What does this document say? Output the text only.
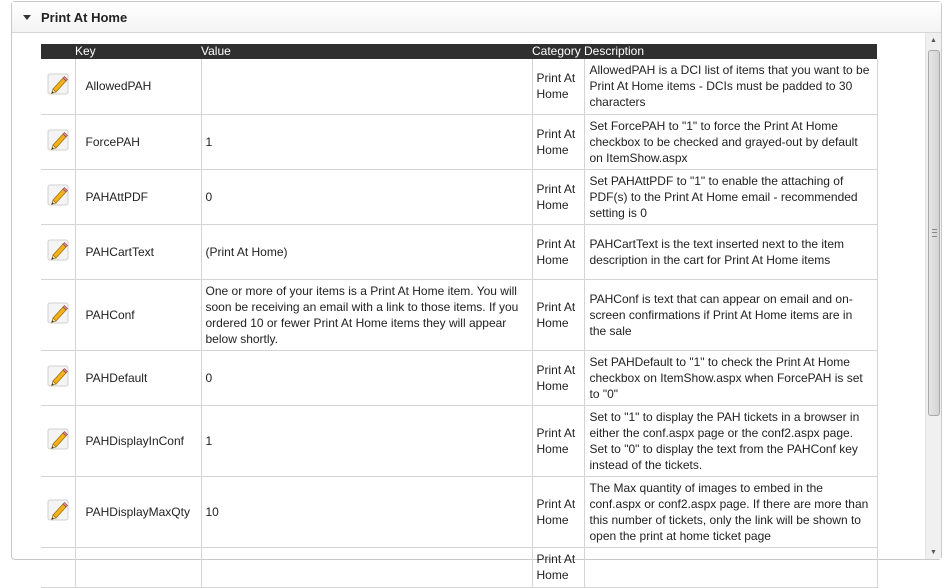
Print At Home
	Key	Value	Category	Description
	AllowedPAH		Print At Home	AllowedPAH is a DCI list of items that you want to be Print At Home items - DCIs must be padded to 30 characters
	ForcePAH	1	Print At Home	Set ForcePAH to "1" to force the Print At Home checkbox to be checked and grayed-out by default on ItemShow.aspx
	PAHAttPDF	0	Print At Home	Set PAHAttPDF to "1" to enable the attaching of PDF(s) to the Print At Home email - recommended setting is 0
	PAHCartText	(Print At Home)	Print At Home	PAHCartText is the text inserted next to the item description in the cart for Print At Home items
	PAHConf	One or more of your items is a Print At Home item. You will soon be receiving an email with a link to those items. If you ordered 10 or fewer Print At Home items they will appear below shortly.	Print At Home	PAHConf is text that can appear on email and on-screen confirmations if Print At Home items are in the sale
	PAHDefault	0	Print At Home	Set PAHDefault to "1" to check the Print At Home checkbox on ItemShow.aspx when ForcePAH is set to "0"
	PAHDisplayInConf	1	Print At Home	Set to "1" to display the PAH tickets in a browser in either the conf.aspx page or the conf2.aspx page. Set to "0" to display the text from the PAHConf key instead of the tickets.
	PAHDisplayMaxQty	10	Print At Home	The Max quantity of images to embed in the conf.aspx or conf2.aspx page. If there are more than this number of tickets, only the link will be shown to open the print at home ticket page
			Print At Home	
▲
▼
